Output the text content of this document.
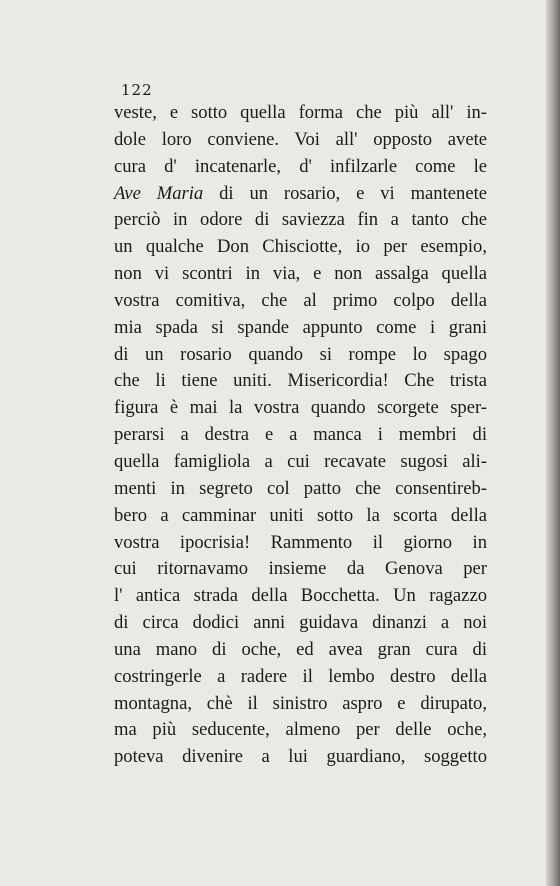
122
veste, e sotto quella forma che più all' in-
dole loro conviene. Voi all' opposto avete
cura d' incatenarle, d' infilzarle come le
Ave Maria di un rosario, e vi mantenete
perciò in odore di saviezza fin a tanto che
un qualche Don Chisciotte, io per esempio,
non vi scontri in via, e non assalga quella
vostra comitiva, che al primo colpo della
mia spada si spande appunto come i grani
di un rosario quando si rompe lo spago
che li tiene uniti. Misericordia! Che trista
figura è mai la vostra quando scorgete sper-
perarsi a destra e a manca i membri di
quella famigliola a cui recavate sugosi ali-
menti in segreto col patto che consentireb-
bero a camminar uniti sotto la scorta della
vostra ipocrisia! Rammento il giorno in
cui ritornavamo insieme da Genova per
l' antica strada della Bocchetta. Un ragazzo
di circa dodici anni guidava dinanzi a noi
una mano di oche, ed avea gran cura di
costringerle a radere il lembo destro della
montagna, chè il sinistro aspro e dirupato,
ma più seducente, almeno per delle oche,
poteva divenire a lui guardiano, soggetto
